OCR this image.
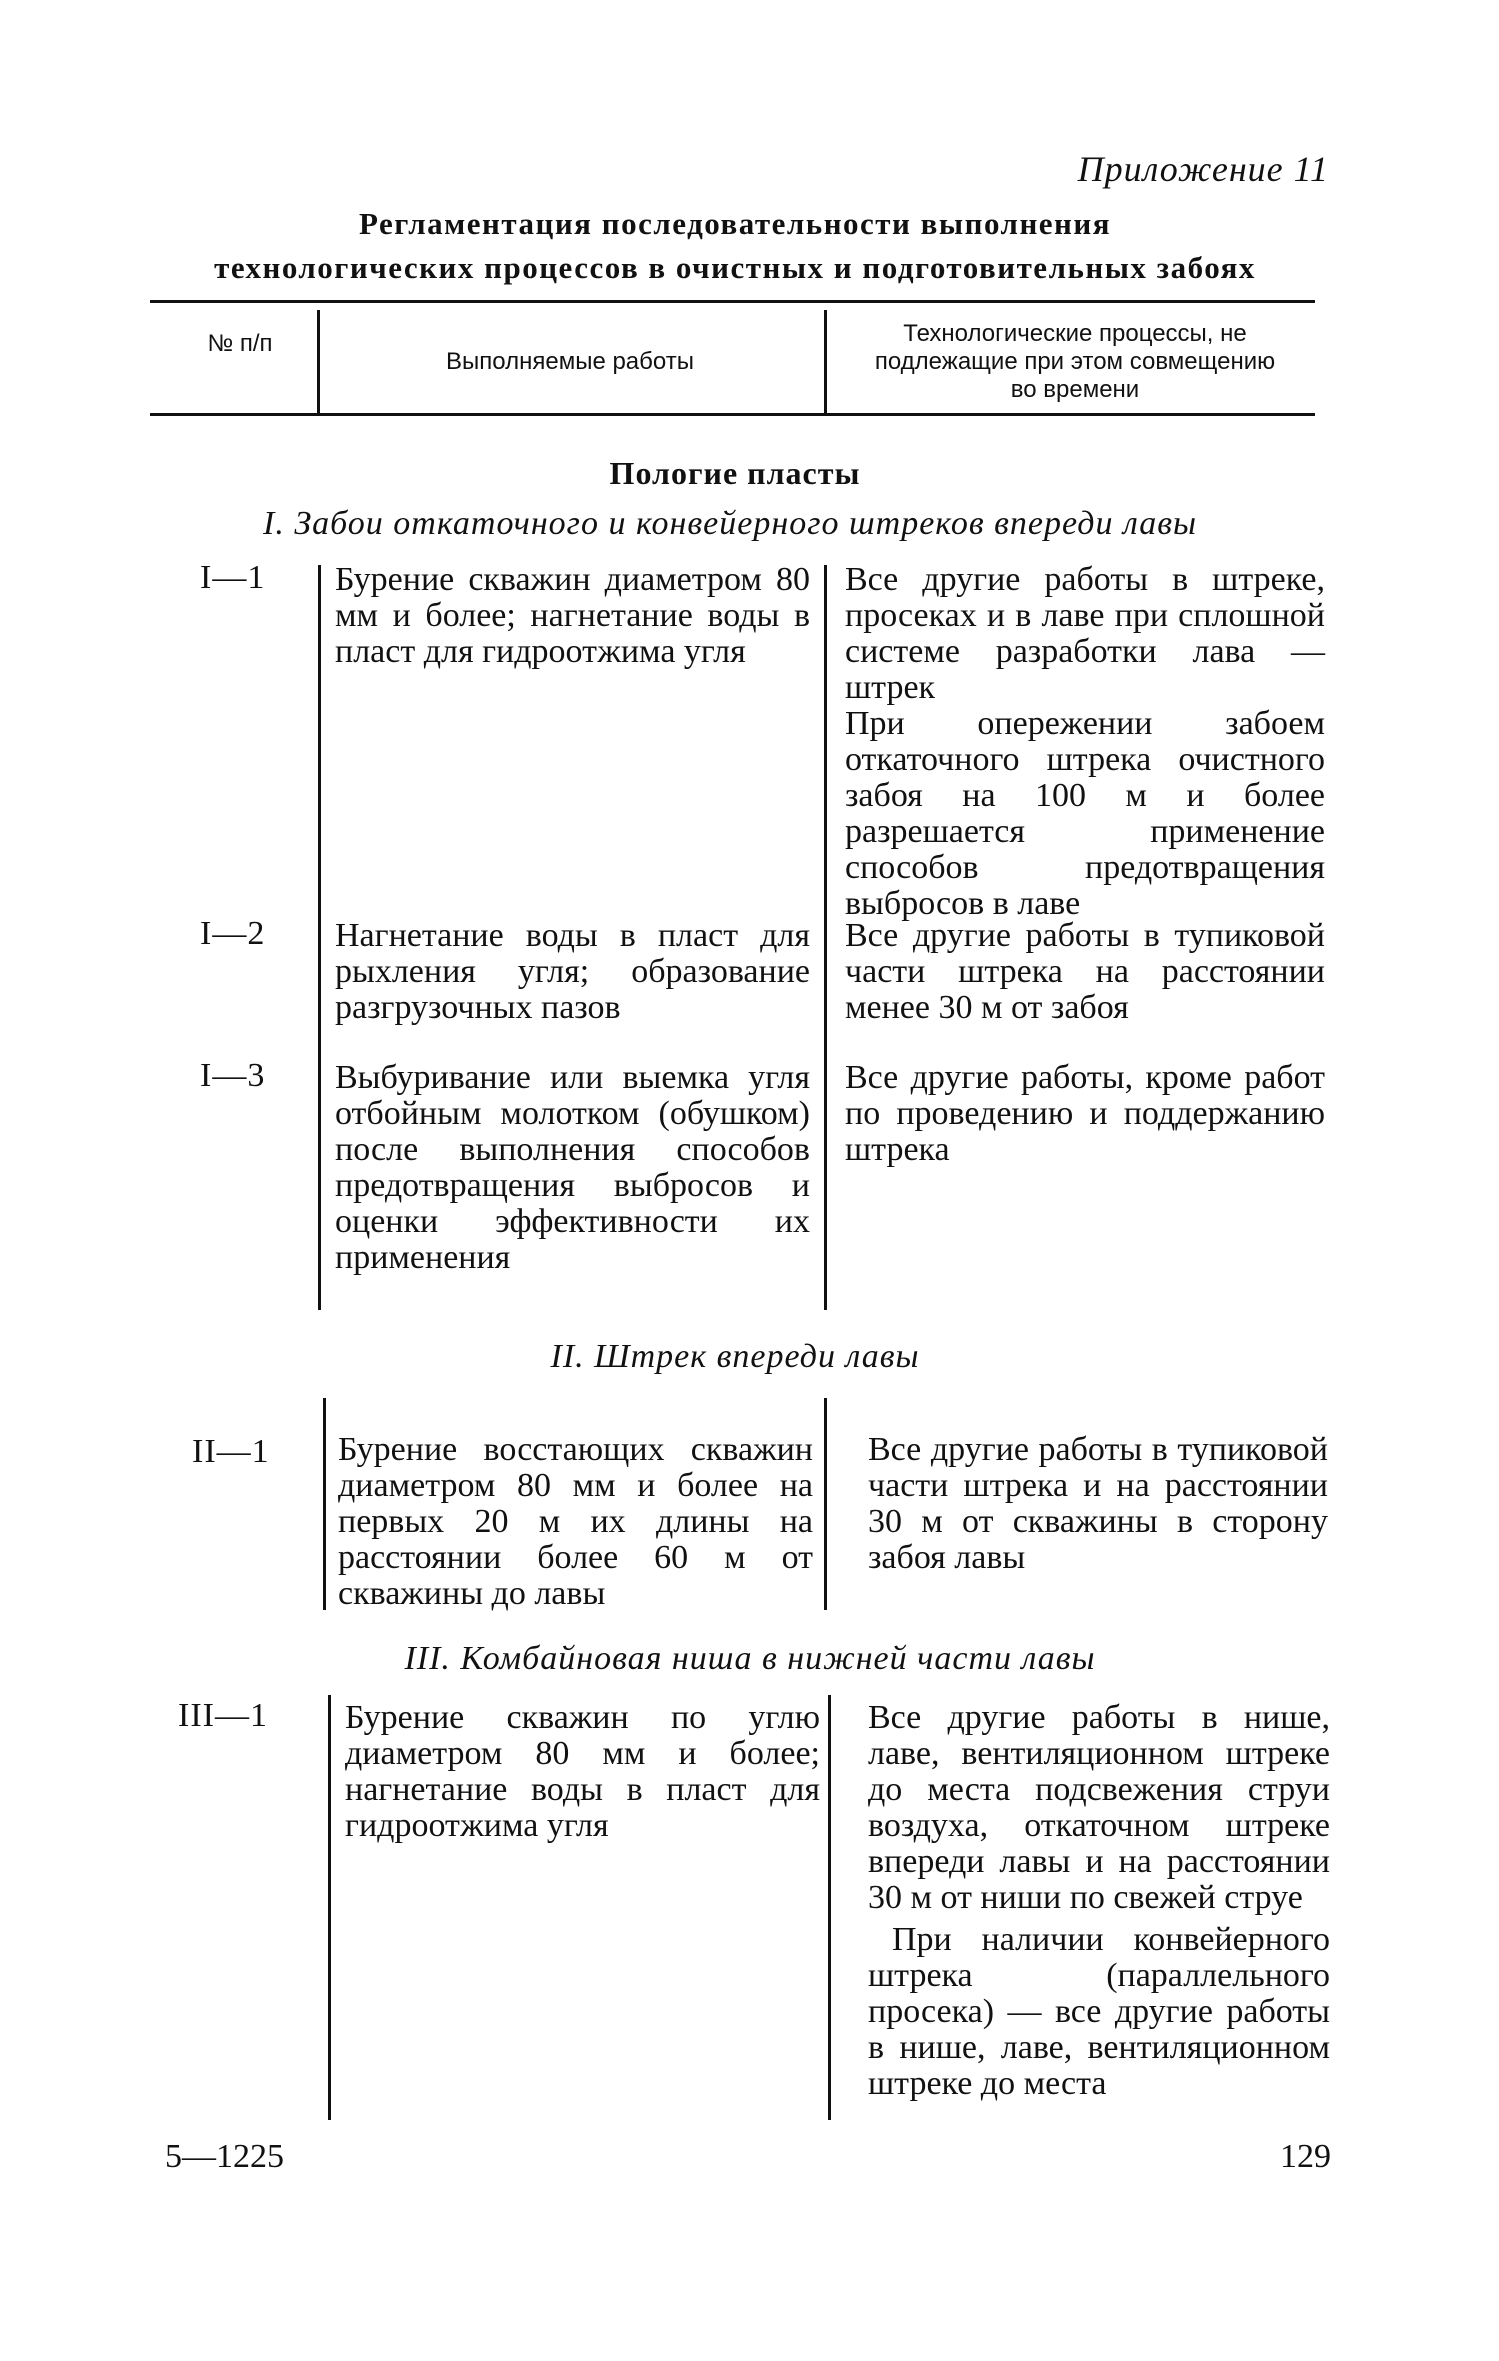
Приложение 11
Регламентация последовательности выполнения
технологических процессов в очистных и подготовительных забоях
№ п/п
Выполняемые работы
Технологические процессы, не подлежащие при этом совмещению во времени
Пологие пласты
I. Забои откаточного и конвейерного штреков впереди лавы
I—1 Бурение скважин диаметром 80 мм и более; нагнетание воды в пласт для гидроотжима угля

Все другие работы в штреке, просеках и в лаве при сплошной системе разработки лава — штрек

При опережении забоем откаточного штрека очистного забоя на 100 м и более разрешается применение способов предотвращения выбросов в лаве

I—2 Нагнетание воды в пласт для рыхления угля; образование разгрузочных пазов

Все другие работы в тупиковой части штрека на расстоянии менее 30 м от забоя

I—3 Выбуривание или выемка угля отбойным молотком (обушком) после выполнения способов предотвращения выбросов и оценки эффективности их применения

Все другие работы, кроме работ по проведению и поддержанию штрека

II. Штрек впереди лавы
II—1 Бурение восстающих скважин диаметром 80 мм и более на первых 20 м их длины на расстоянии более 60 м от скважины до лавы

Все другие работы в тупиковой части штрека и на расстоянии 30 м от скважины в сторону забоя лавы

III. Комбайновая ниша в нижней части лавы
III—1 Бурение скважин по углю диаметром 80 мм и более; нагнетание воды в пласт для гидроотжима угля

Все другие работы в нише, лаве, вентиляционном штреке до места подсвежения струи воздуха, откаточном штреке впереди лавы и на расстоянии 30 м от ниши по свежей струе

При наличии конвейерного штрека (параллельного просека) — все другие работы в нише, лаве, вентиляционном штреке до места

5—1225	129
